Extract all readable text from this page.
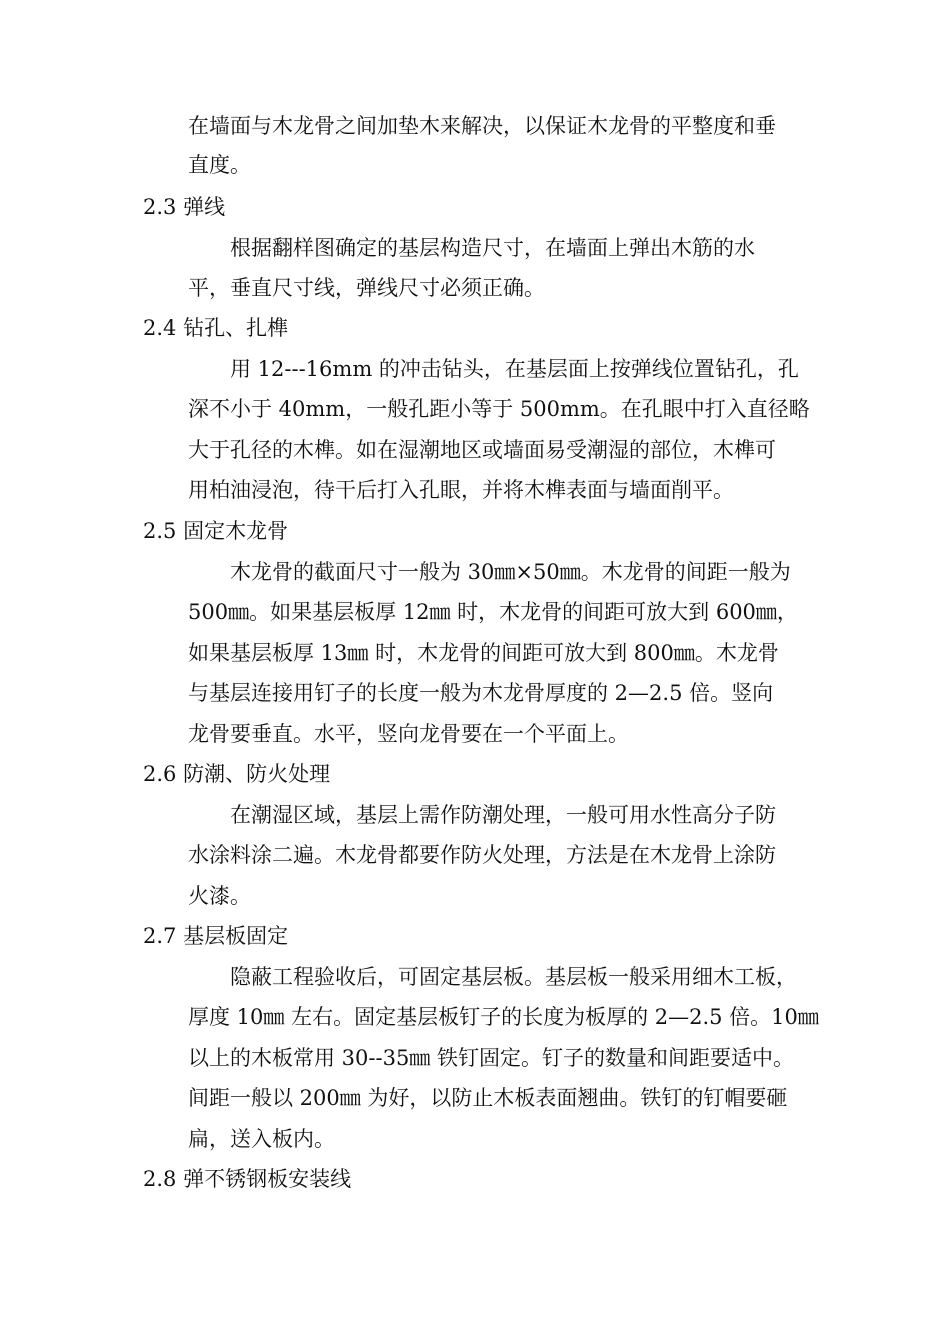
在墙面与木龙骨之间加垫木来解决，以保证木龙骨的平整度和垂
直度。
2.3 弹线
根据翻样图确定的基层构造尺寸，在墙面上弹出木筋的水
平，垂直尺寸线，弹线尺寸必须正确。
2.4 钻孔、扎榫
用 12---16mm 的冲击钻头，在基层面上按弹线位置钻孔，孔
深不小于 40mm，一般孔距小等于 500mm。在孔眼中打入直径略
大于孔径的木榫。如在湿潮地区或墙面易受潮湿的部位，木榫可
用柏油浸泡，待干后打入孔眼，并将木榫表面与墙面削平。
2.5 固定木龙骨
木龙骨的截面尺寸一般为 30㎜×50㎜。木龙骨的间距一般为
500㎜。如果基层板厚 12㎜ 时，木龙骨的间距可放大到 600㎜，
如果基层板厚 13㎜ 时，木龙骨的间距可放大到 800㎜。木龙骨
与基层连接用钉子的长度一般为木龙骨厚度的 2—2.5 倍。竖向
龙骨要垂直。水平，竖向龙骨要在一个平面上。
2.6 防潮、防火处理
在潮湿区域，基层上需作防潮处理，一般可用水性高分子防
水涂料涂二遍。木龙骨都要作防火处理，方法是在木龙骨上涂防
火漆。
2.7 基层板固定
隐蔽工程验收后，可固定基层板。基层板一般采用细木工板，
厚度 10㎜ 左右。固定基层板钉子的长度为板厚的 2—2.5 倍。10㎜
以上的木板常用 30--35㎜ 铁钉固定。钉子的数量和间距要适中。
间距一般以 200㎜ 为好，以防止木板表面翘曲。铁钉的钉帽要砸
扁，送入板内。
2.8 弹不锈钢板安装线
